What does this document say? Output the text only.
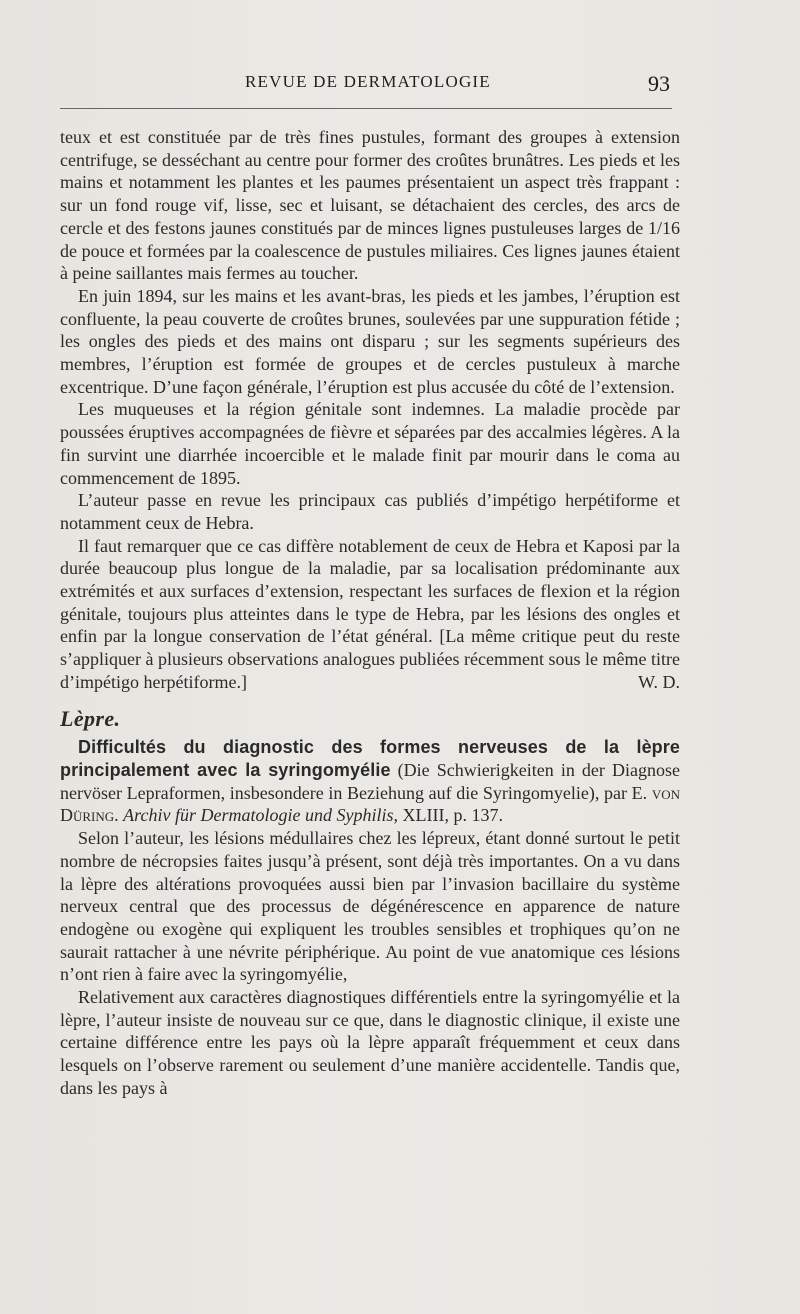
REVUE DE DERMATOLOGIE	93

teux et est constituée par de très fines pustules, formant des groupes à extension centrifuge, se desséchant au centre pour former des croûtes brunâtres. Les pieds et les mains et notamment les plantes et les paumes présentaient un aspect très frappant : sur un fond rouge vif, lisse, sec et luisant, se détachaient des cercles, des arcs de cercle et des festons jaunes constitués par de minces lignes pustuleuses larges de 1/16 de pouce et formées par la coalescence de pustules miliaires. Ces lignes jaunes étaient à peine saillantes mais fermes au toucher.

En juin 1894, sur les mains et les avant-bras, les pieds et les jambes, l’éruption est confluente, la peau couverte de croûtes brunes, soulevées par une suppuration fétide ; les ongles des pieds et des mains ont disparu ; sur les segments supérieurs des membres, l’éruption est formée de groupes et de cercles pustuleux à marche excentrique. D’une façon générale, l’éruption est plus accusée du côté de l’extension.

Les muqueuses et la région génitale sont indemnes. La maladie procède par poussées éruptives accompagnées de fièvre et séparées par des accalmies légères. A la fin survint une diarrhée incoercible et le malade finit par mourir dans le coma au commencement de 1895.

L’auteur passe en revue les principaux cas publiés d’impétigo herpétiforme et notamment ceux de Hebra.

Il faut remarquer que ce cas diffère notablement de ceux de Hebra et Kaposi par la durée beaucoup plus longue de la maladie, par sa localisation prédominante aux extrémités et aux surfaces d’extension, respectant les surfaces de flexion et la région génitale, toujours plus atteintes dans le type de Hebra, par les lésions des ongles et enfin par la longue conservation de l’état général. [La même critique peut du reste s’appliquer à plusieurs observations analogues publiées récemment sous le même titre d’impétigo herpétiforme.]	W. D.
Lèpre.

Difficultés du diagnostic des formes nerveuses de la lèpre principalement avec la syringomyélie (Die Schwierigkeiten in der Diagnose nervöser Lepraformen, insbesondere in Beziehung auf die Syringomyelie), par E. von Düring. Archiv für Dermatologie und Syphilis, XLIII, p. 137.

Selon l’auteur, les lésions médullaires chez les lépreux, étant donné surtout le petit nombre de nécropsies faites jusqu’à présent, sont déjà très importantes. On a vu dans la lèpre des altérations provoquées aussi bien par l’invasion bacillaire du système nerveux central que des processus de dégénérescence en apparence de nature endogène ou exogène qui expliquent les troubles sensibles et trophiques qu’on ne saurait rattacher à une névrite périphérique. Au point de vue anatomique ces lésions n’ont rien à faire avec la syringomyélie,

Relativement aux caractères diagnostiques différentiels entre la syringomyélie et la lèpre, l’auteur insiste de nouveau sur ce que, dans le diagnostic clinique, il existe une certaine différence entre les pays où la lèpre apparaît fréquemment et ceux dans lesquels on l’observe rarement ou seulement d’une manière accidentelle. Tandis que, dans les pays à
